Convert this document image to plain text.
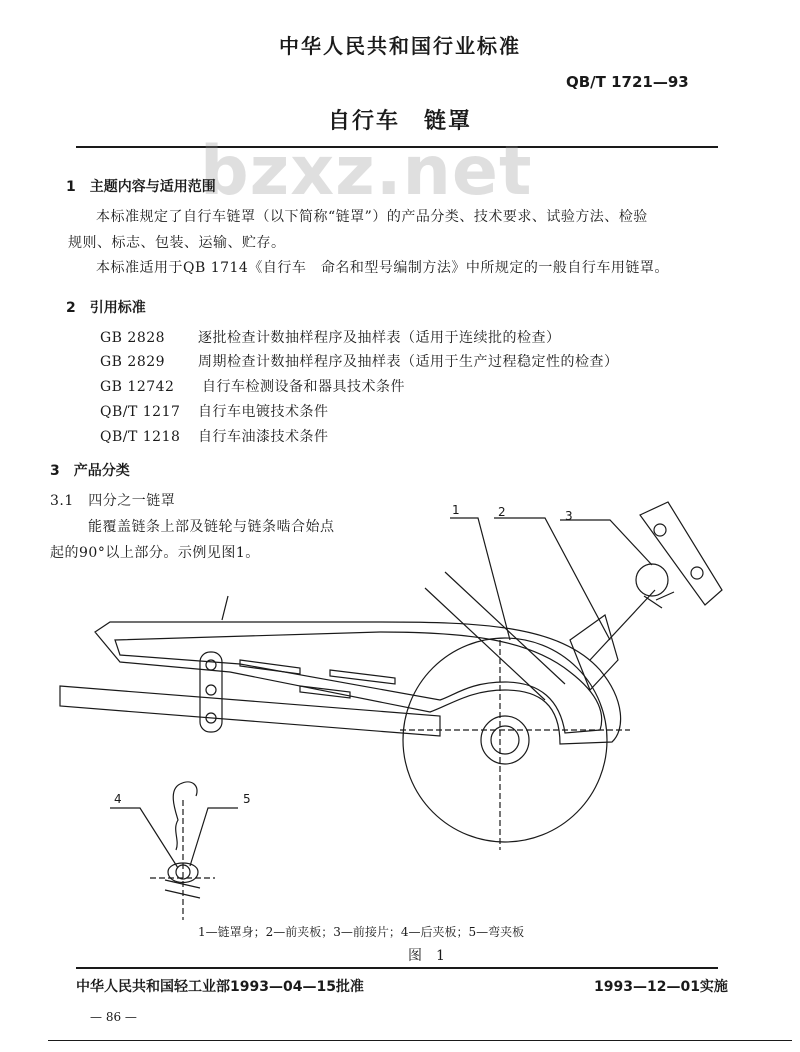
中华人民共和国行业标准
QB/T 1721—93
自行车　链罩
bzxz.net
1　主题内容与适用范围
本标准规定了自行车链罩（以下简称“链罩”）的产品分类、技术要求、试验方法、检验
规则、标志、包装、运输、贮存。
本标准适用于QB 1714《自行车　命名和型号编制方法》中所规定的一般自行车用链罩。
2　引用标准
GB 2828 逐批检查计数抽样程序及抽样表（适用于连续批的检查）
GB 2829 周期检查计数抽样程序及抽样表（适用于生产过程稳定性的检查）
GB 12742 自行车检测设备和器具技术条件
QB/T 1217 自行车电镀技术条件
QB/T 1218 自行车油漆技术条件
3　产品分类
3.1　四分之一链罩
能覆盖链条上部及链轮与链条啮合始点
起的90°以上部分。示例见图1。
1	2	3
4	5
1—链罩身；2—前夹板；3—前接片；4—后夹板；5—弯夹板
图　1
中华人民共和国轻工业部1993—04—15批准	1993—12—01实施
— 86 —
